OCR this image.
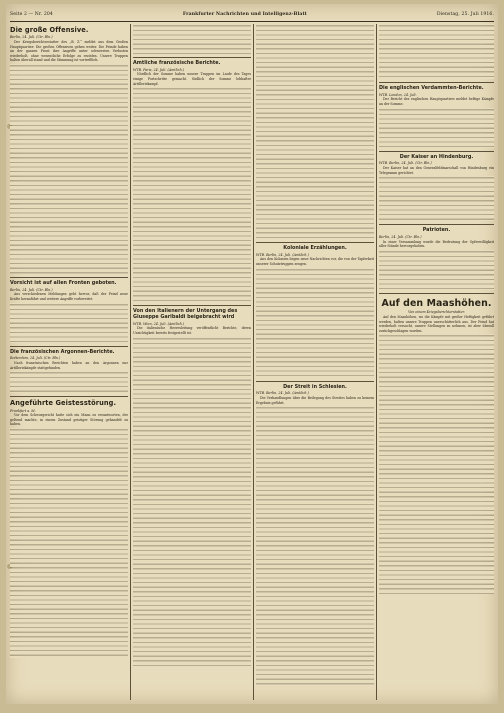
Seite 2 — Nr. 204	Frankfurter Nachrichten und Intelligenz-Blatt	Dienstag, 25. Juli 1916.
Die große Offensive.

Berlin, 24. Juli. (Ctr. Bln.)

Der Kriegsberichterstatter des „B. Z.“ meldet aus dem Großen Hauptquartier: Die großen Offensiven gehen weiter. Die Feinde haben an der ganzen Front ihre Angriffe unter schwersten Verlusten wiederholt, ohne wesentliche Erfolge zu erzielen. Unsere Truppen halten überall stand und die Stimmung ist vortrefflich.

Vorsicht ist auf allen Fronten geboten.

Berlin, 24. Juli. (Ctr. Bln.)

Aus verschiedenen Meldungen geht hervor, daß der Feind neue Kräfte heranführt und weitere Angriffe vorbereitet.

Die französischen Argonnen-Berichte.

Rotterdam, 24. Juli. (Ctr. Bln.)

Nach französischen Berichten haben an den Argonnen nur Artilleriekämpfe stattgefunden.

Angeführte Geistesstörung.

Frankfurt a. M.

Vor dem Schwurgericht hatte sich ein Mann zu verantworten, der geltend machte, in einem Zustand geistiger Störung gehandelt zu haben.

Amtliche französische Berichte.

WTB. Paris, 24. Juli. (Amtlich.)

Nördlich der Somme haben unsere Truppen im Laufe des Tages einige Fortschritte gemacht. Südlich der Somme lebhafter Artilleriekampf.

Von den Italienern der Untergang des Giuseppe Garibaldi beigebracht wird

WTB. Wien, 24. Juli. (Amtlich.)

Die italienische Heeresleitung veröffentlicht Berichte, deren Unrichtigkeit bereits festgestellt ist.

Koloniale Erzählungen.

WTB. Berlin, 24. Juli. (Amtlich.)

Aus den Kolonien liegen neue Nachrichten vor, die von der Tapferkeit unserer Schutztruppen zeugen.

Der Streit in Schlesien.

WTB. Berlin, 24. Juli. (Amtlich.)

Die Verhandlungen über die Beilegung des Streites haben zu keinem Ergebnis geführt.

Die englischen Verdammten-Berichte.

WTB. London, 24. Juli.

Der Bericht des englischen Hauptquartiers meldet heftige Kämpfe an der Somme.

Der Kaiser an Hindenburg.

WTB. Berlin, 24. Juli. (Ctr. Bln.)

Der Kaiser hat an den Generalfeldmarschall von Hindenburg ein Telegramm gerichtet.

Patrioten.

Berlin, 24. Juli. (Ctr. Bln.)

In einer Versammlung wurde die Bedeutung der Opferwilligkeit aller Stände hervorgehoben.

Auf den Maashöhen.

Von einem Kriegsberichterstatter.

Auf den Maashöhen, wo die Kämpfe mit großer Heftigkeit geführt werden, halten unsere Truppen unerschütterlich aus. Der Feind hat wiederholt versucht, unsere Stellungen zu nehmen, ist aber überall zurückgeschlagen worden.
